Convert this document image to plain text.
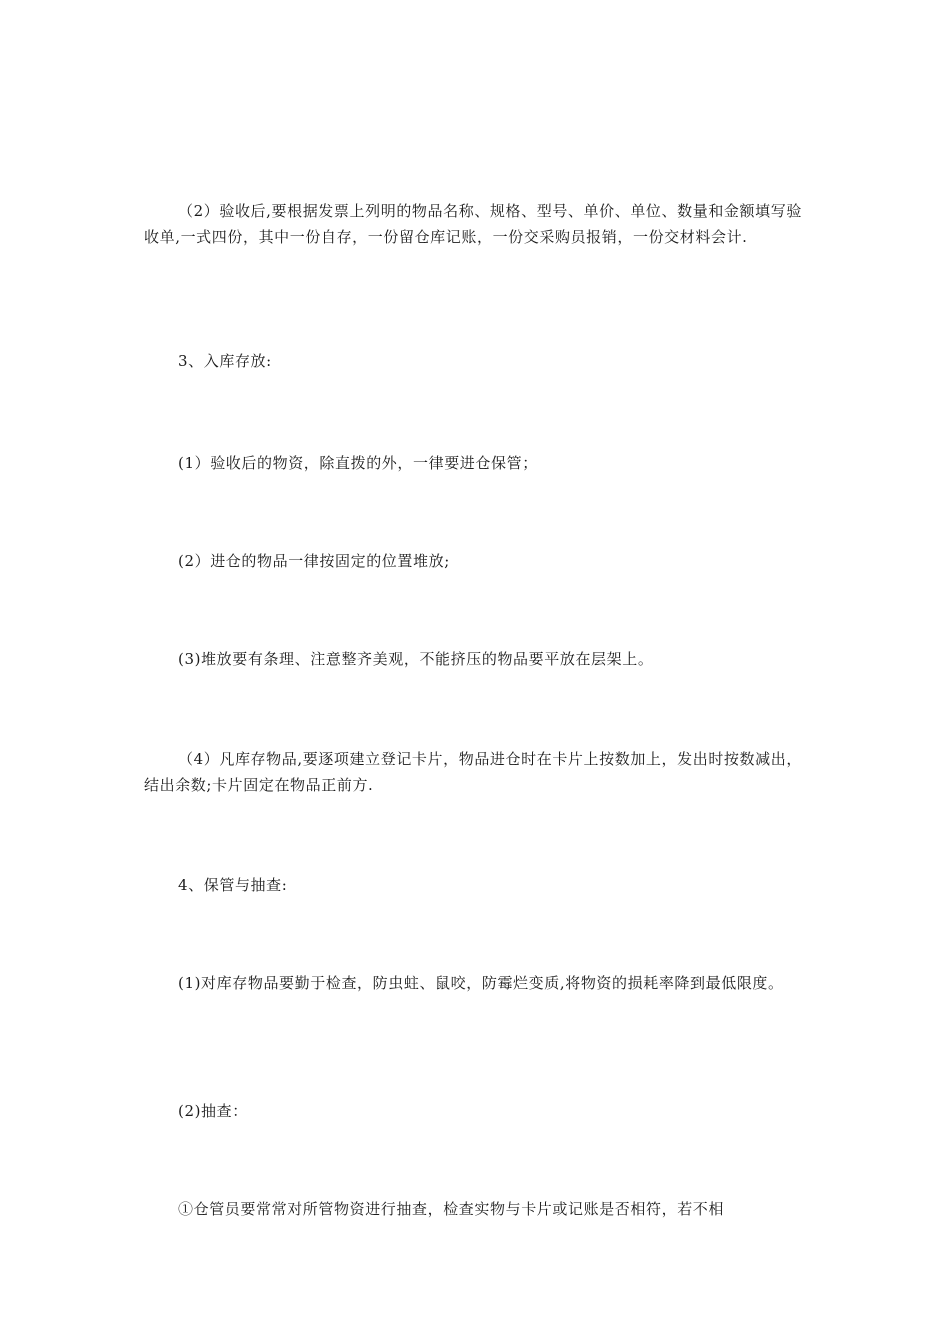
（2）验收后,要根据发票上列明的物品名称、规格、型号、单价、单位、数量和金额填写验收单,一式四份，其中一份自存，一份留仓库记账，一份交采购员报销，一份交材料会计.

3、入库存放:

(1）验收后的物资，除直拨的外，一律要进仓保管；

(2）进仓的物品一律按固定的位置堆放;

(3)堆放要有条理、注意整齐美观，不能挤压的物品要平放在层架上。

（4）凡库存物品,要逐项建立登记卡片，物品进仓时在卡片上按数加上，发出时按数减出，结出余数;卡片固定在物品正前方.

4、保管与抽查:

(1)对库存物品要勤于检查，防虫蛀、鼠咬，防霉烂变质,将物资的损耗率降到最低限度。

(2)抽查：

①仓管员要常常对所管物资进行抽查，检查实物与卡片或记账是否相符，若不相
